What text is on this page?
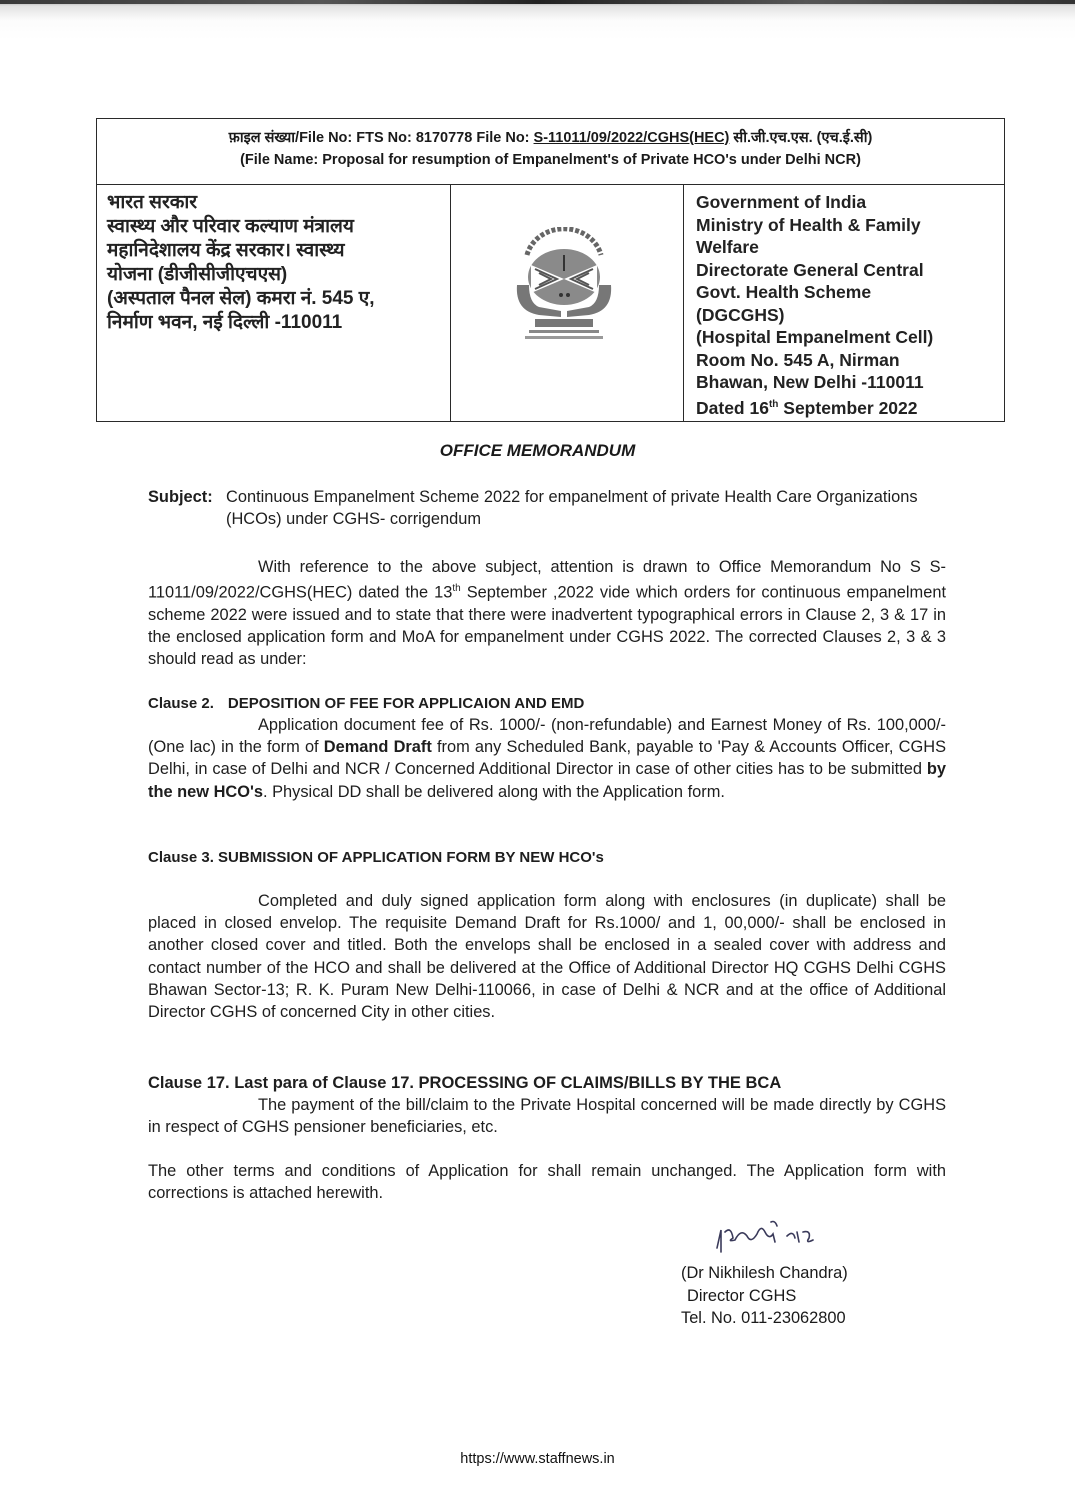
फ़ाइल संख्या/File No: FTS No: 8170778 File No: S-11011/09/2022/CGHS(HEC) सी.जी.एच.एस. (एच.ई.सी)
(File Name: Proposal for resumption of Empanelment's of Private HCO's under Delhi NCR)
भारत सरकार
स्वास्थ्य और परिवार कल्याण मंत्रालय
महानिदेशालय केंद्र सरकार। स्वास्थ्य
योजना (डीजीसीजीएचएस)
(अस्पताल पैनल सेल) कमरा नं. 545 ए,
निर्माण भवन, नई दिल्ली -110011
Government of India
Ministry of Health & Family
Welfare
Directorate General Central
Govt. Health Scheme
(DGCGHS)
(Hospital Empanelment Cell)
Room No. 545 A, Nirman
Bhawan, New Delhi -110011
Dated 16th September 2022
OFFICE MEMORANDUM
Subject: Continuous Empanelment Scheme 2022 for empanelment of private Health Care Organizations (HCOs) under CGHS- corrigendum
With reference to the above subject, attention is drawn to Office Memorandum No S S-11011/09/2022/CGHS(HEC) dated the 13th September ,2022 vide which orders for continuous empanelment scheme 2022 were issued and to state that there were inadvertent typographical errors in Clause 2, 3 & 17 in the enclosed application form and MoA for empanelment under CGHS 2022. The corrected Clauses 2, 3 & 3 should read as under:
Clause 2. DEPOSITION OF FEE FOR APPLICAION AND EMD
Application document fee of Rs. 1000/- (non-refundable) and Earnest Money of Rs. 100,000/-(One lac) in the form of Demand Draft from any Scheduled Bank, payable to 'Pay & Accounts Officer, CGHS Delhi, in case of Delhi and NCR / Concerned Additional Director in case of other cities has to be submitted by the new HCO's. Physical DD shall be delivered along with the Application form.
Clause 3. SUBMISSION OF APPLICATION FORM BY NEW HCO's
Completed and duly signed application form along with enclosures (in duplicate) shall be placed in closed envelop. The requisite Demand Draft for Rs.1000/ and 1, 00,000/- shall be enclosed in another closed cover and titled. Both the envelops shall be enclosed in a sealed cover with address and contact number of the HCO and shall be delivered at the Office of Additional Director HQ CGHS Delhi CGHS Bhawan Sector-13; R. K. Puram New Delhi-110066, in case of Delhi & NCR and at the office of Additional Director CGHS of concerned City in other cities.
Clause 17. Last para of Clause 17. PROCESSING OF CLAIMS/BILLS BY THE BCA
The payment of the bill/claim to the Private Hospital concerned will be made directly by CGHS in respect of CGHS pensioner beneficiaries, etc.
The other terms and conditions of Application for shall remain unchanged. The Application form with corrections is attached herewith.
(Dr Nikhilesh Chandra)
Director CGHS
Tel. No. 011-23062800
https://www.staffnews.in
